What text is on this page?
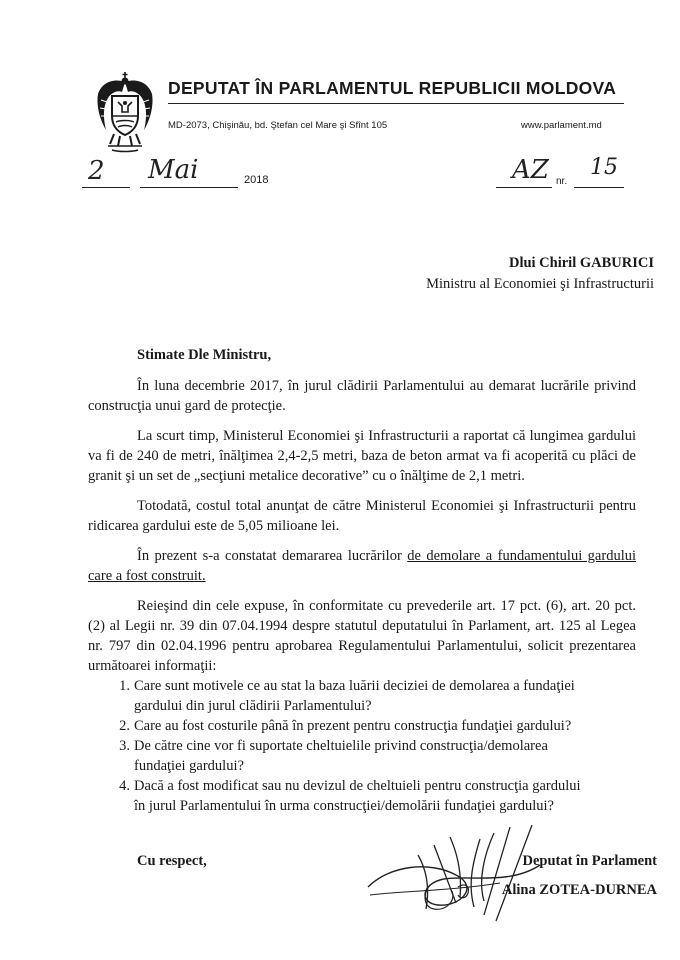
DEPUTAT ÎN PARLAMENTUL REPUBLICII MOLDOVA
MD-2073, Chişinău, bd. Ştefan cel Mare şi Sfînt 105	www.parlament.md
2 Mai	2018	AZ nr.
15
Dlui Chiril GABURICI
Ministru al Economiei şi Infrastructurii
Stimate Dle Ministru,
În luna decembrie 2017, în jurul clădirii Parlamentului au demarat lucrările privind construcţia unui gard de protecţie.
La scurt timp, Ministerul Economiei şi Infrastructurii a raportat că lungimea gardului va fi de 240 de metri, înălţimea 2,4-2,5 metri, baza de beton armat va fi acoperită cu plăci de granit şi un set de „secţiuni metalice decorative” cu o înălţime de 2,1 metri.
Totodată, costul total anunţat de către Ministerul Economiei şi Infrastructurii pentru ridicarea gardului este de 5,05 milioane lei.
În prezent s-a constatat demararea lucrărilor de demolare a fundamentului gardului care a fost construit.
Reieşind din cele expuse, în conformitate cu prevederile art. 17 pct. (6), art. 20 pct. (2) al Legii nr. 39 din 07.04.1994 despre statutul deputatului în Parlament, art. 125 al Legea nr. 797 din 02.04.1996 pentru aprobarea Regulamentului Parlamentului, solicit prezentarea următoarei informaţii:
1. Care sunt motivele ce au stat la baza luării deciziei de demolarea a fundaţiei
gardului din jurul clădirii Parlamentului?
2. Care au fost costurile până în prezent pentru construcţia fundaţiei gardului?
3. De către cine vor fi suportate cheltuielile privind construcţia/demolarea
fundaţiei gardului?
4. Dacă a fost modificat sau nu devizul de cheltuieli pentru construcţia gardului
în jurul Parlamentului în urma construcţiei/demolării fundaţiei gardului?
Cu respect,	Deputat în Parlament
Alina ZOTEA-DURNEA
